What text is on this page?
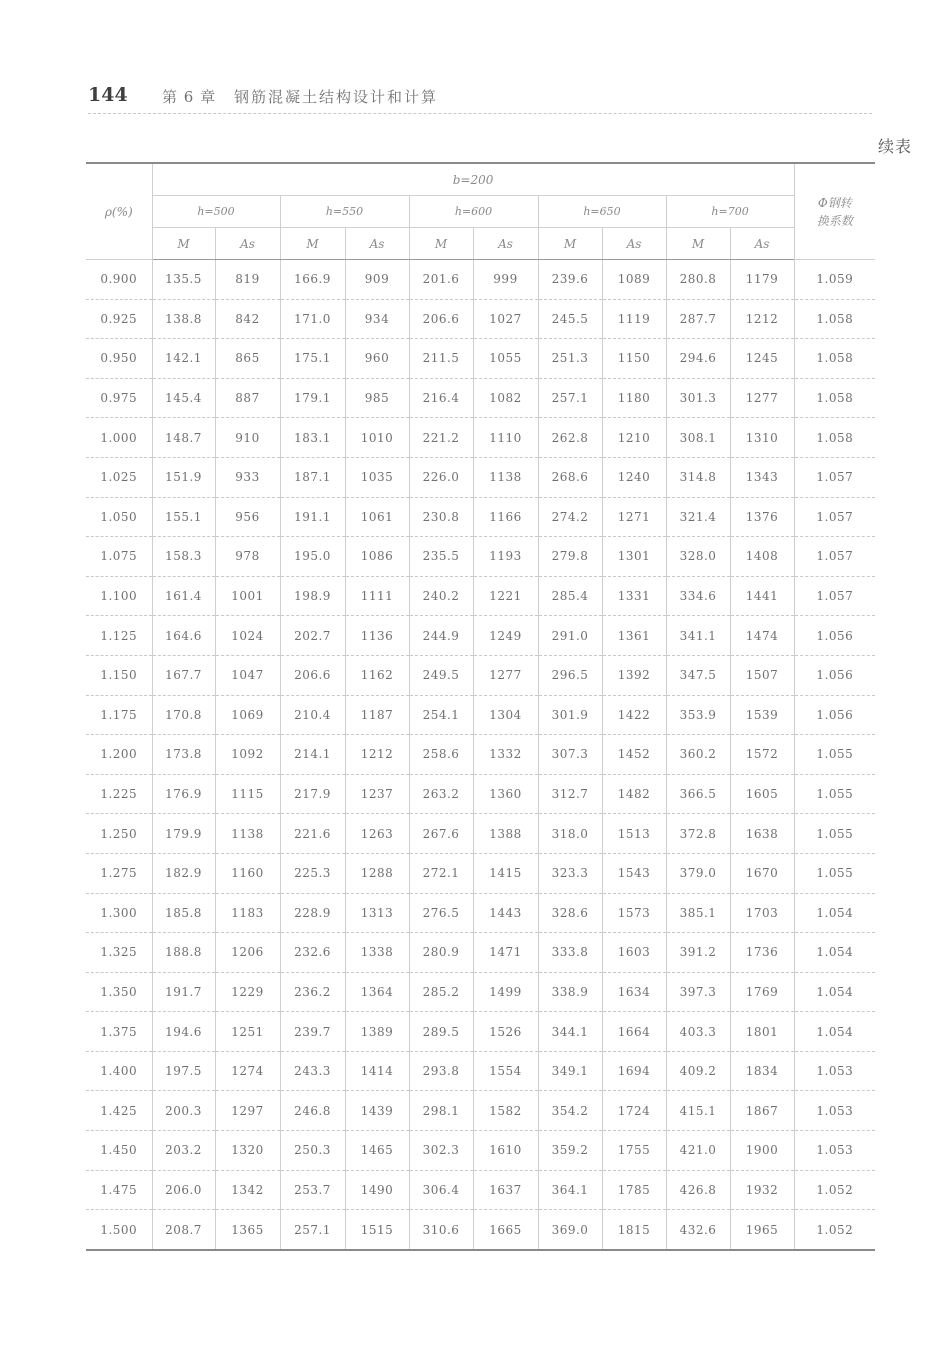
144 第 6 章 钢筋混凝土结构设计和计算
续表
ρ(%)	b=200										Φ钢转
换系数
	h=500		h=550		h=600		h=650		h=700		
	M	As	M	As	M	As	M	As	M	As	
0.900	135.5	819	166.9	909	201.6	999	239.6	1089	280.8	1179	1.059
0.925	138.8	842	171.0	934	206.6	1027	245.5	1119	287.7	1212	1.058
0.950	142.1	865	175.1	960	211.5	1055	251.3	1150	294.6	1245	1.058
0.975	145.4	887	179.1	985	216.4	1082	257.1	1180	301.3	1277	1.058
1.000	148.7	910	183.1	1010	221.2	1110	262.8	1210	308.1	1310	1.058
1.025	151.9	933	187.1	1035	226.0	1138	268.6	1240	314.8	1343	1.057
1.050	155.1	956	191.1	1061	230.8	1166	274.2	1271	321.4	1376	1.057
1.075	158.3	978	195.0	1086	235.5	1193	279.8	1301	328.0	1408	1.057
1.100	161.4	1001	198.9	1111	240.2	1221	285.4	1331	334.6	1441	1.057
1.125	164.6	1024	202.7	1136	244.9	1249	291.0	1361	341.1	1474	1.056
1.150	167.7	1047	206.6	1162	249.5	1277	296.5	1392	347.5	1507	1.056
1.175	170.8	1069	210.4	1187	254.1	1304	301.9	1422	353.9	1539	1.056
1.200	173.8	1092	214.1	1212	258.6	1332	307.3	1452	360.2	1572	1.055
1.225	176.9	1115	217.9	1237	263.2	1360	312.7	1482	366.5	1605	1.055
1.250	179.9	1138	221.6	1263	267.6	1388	318.0	1513	372.8	1638	1.055
1.275	182.9	1160	225.3	1288	272.1	1415	323.3	1543	379.0	1670	1.055
1.300	185.8	1183	228.9	1313	276.5	1443	328.6	1573	385.1	1703	1.054
1.325	188.8	1206	232.6	1338	280.9	1471	333.8	1603	391.2	1736	1.054
1.350	191.7	1229	236.2	1364	285.2	1499	338.9	1634	397.3	1769	1.054
1.375	194.6	1251	239.7	1389	289.5	1526	344.1	1664	403.3	1801	1.054
1.400	197.5	1274	243.3	1414	293.8	1554	349.1	1694	409.2	1834	1.053
1.425	200.3	1297	246.8	1439	298.1	1582	354.2	1724	415.1	1867	1.053
1.450	203.2	1320	250.3	1465	302.3	1610	359.2	1755	421.0	1900	1.053
1.475	206.0	1342	253.7	1490	306.4	1637	364.1	1785	426.8	1932	1.052
1.500	208.7	1365	257.1	1515	310.6	1665	369.0	1815	432.6	1965	1.052
